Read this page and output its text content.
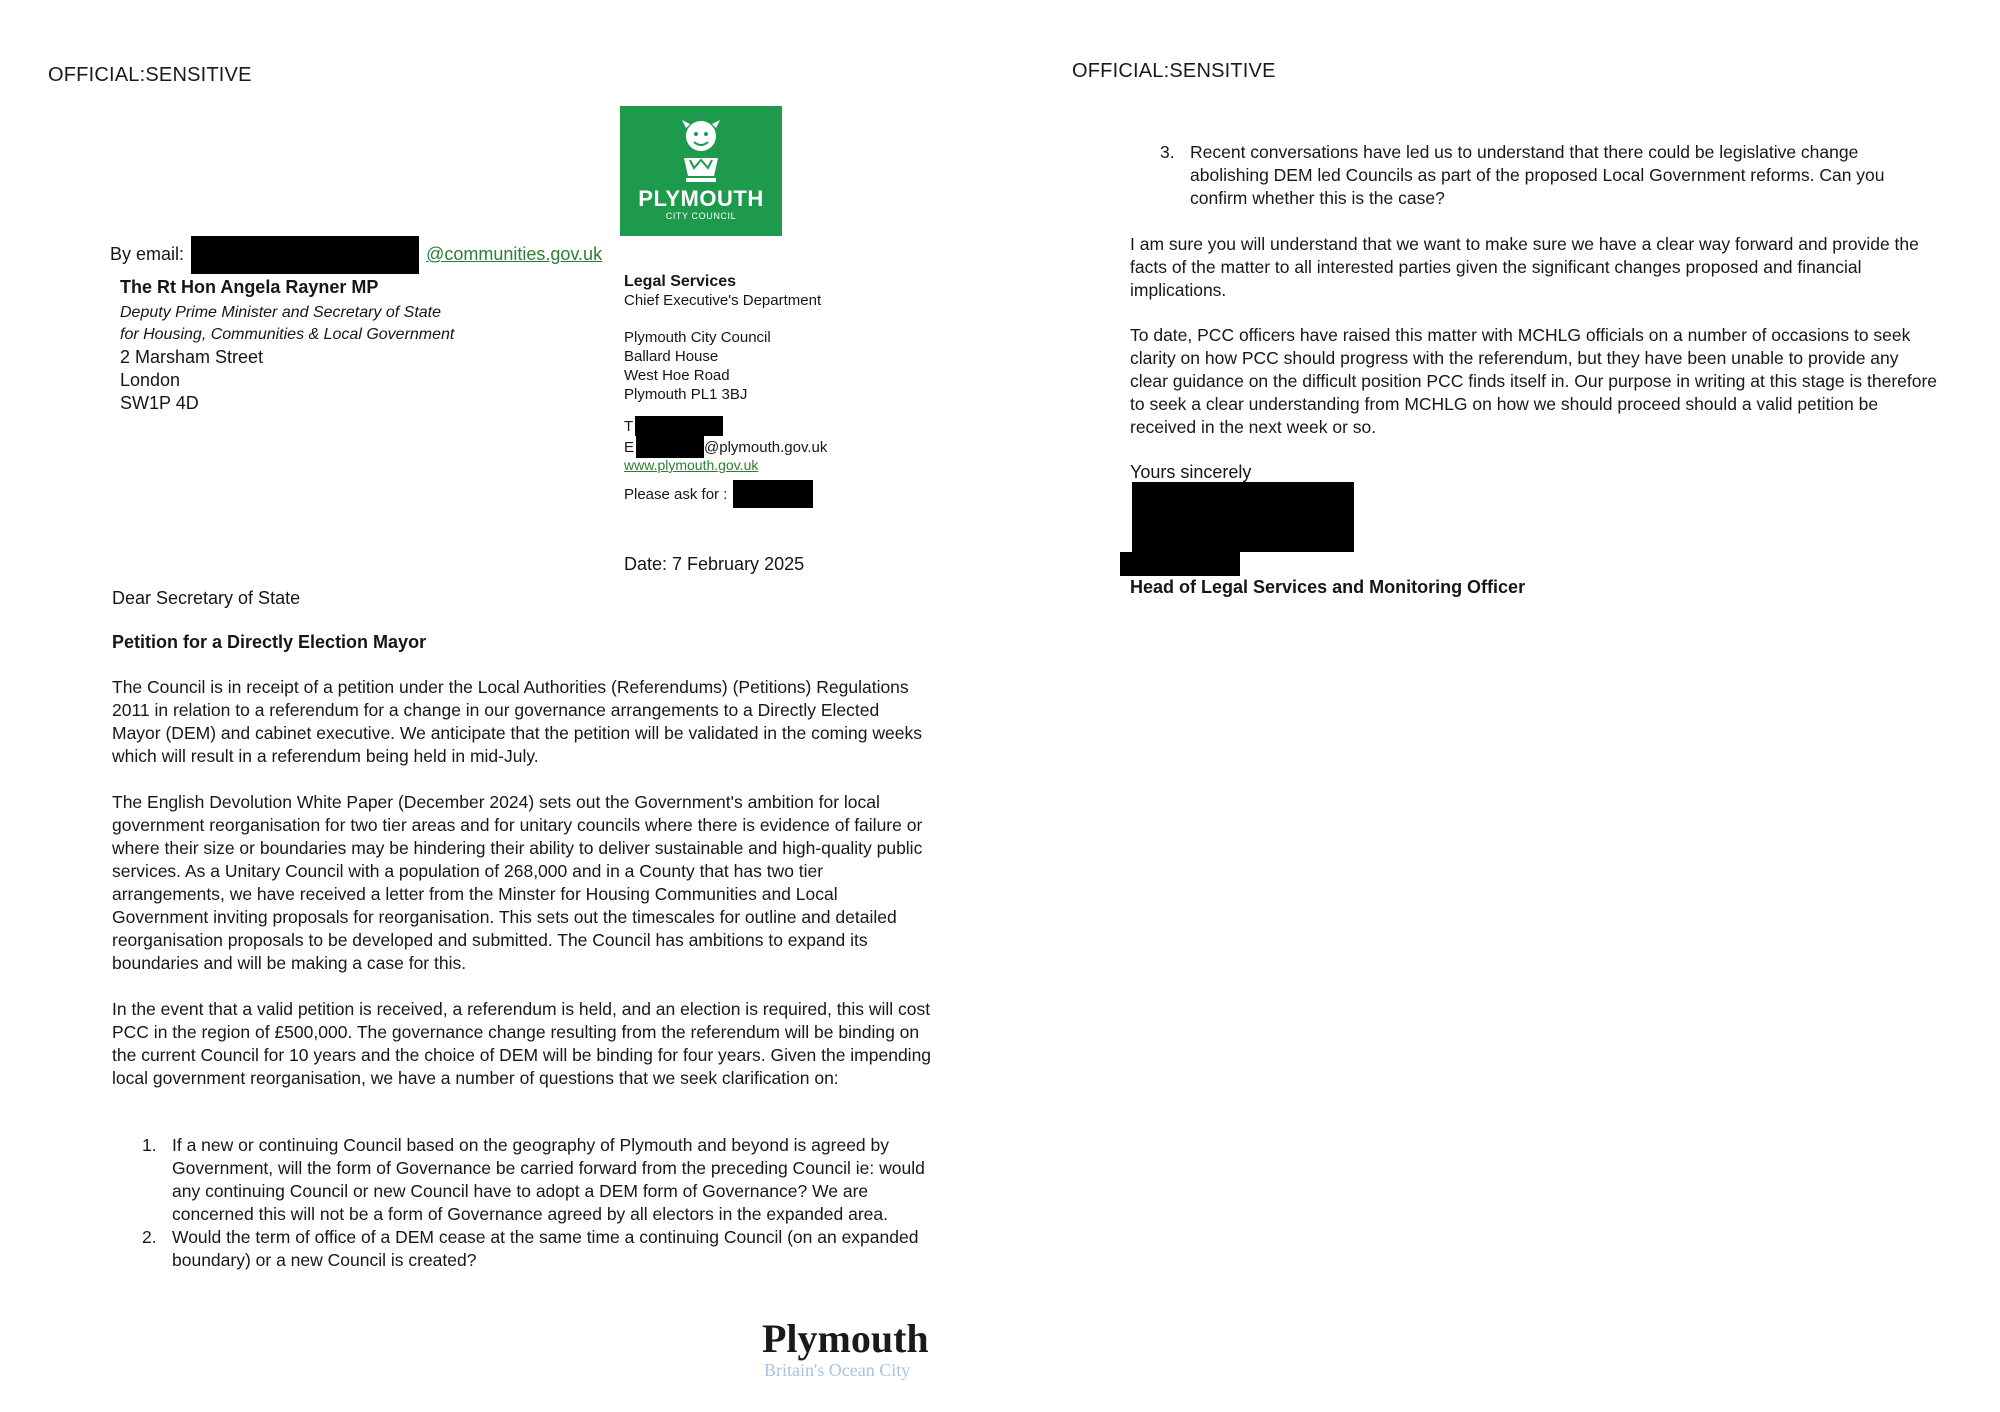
OFFICIAL:SENSITIVE
PLYMOUTH
CITY COUNCIL
By email:	@communities.gov.uk
The Rt Hon Angela Rayner MP
Deputy Prime Minister and Secretary of State
for Housing, Communities & Local Government
2 Marsham Street
London
SW1P 4D
Legal Services
Chief Executive's Department
Plymouth City Council
Ballard House
West Hoe Road
Plymouth PL1 3BJ
T
E	@plymouth.gov.uk
www.plymouth.gov.uk
Please ask for :
Date: 7 February 2025
Dear Secretary of State
Petition for a Directly Election Mayor
The Council is in receipt of a petition under the Local Authorities (Referendums) (Petitions) Regulations 2011 in relation to a referendum for a change in our governance arrangements to a Directly Elected Mayor (DEM) and cabinet executive. We anticipate that the petition will be validated in the coming weeks which will result in a referendum being held in mid-July.
The English Devolution White Paper (December 2024) sets out the Government's ambition for local government reorganisation for two tier areas and for unitary councils where there is evidence of failure or where their size or boundaries may be hindering their ability to deliver sustainable and high-quality public services. As a Unitary Council with a population of 268,000 and in a County that has two tier arrangements, we have received a letter from the Minster for Housing Communities and Local Government inviting proposals for reorganisation. This sets out the timescales for outline and detailed reorganisation proposals to be developed and submitted. The Council has ambitions to expand its boundaries and will be making a case for this.
In the event that a valid petition is received, a referendum is held, and an election is required, this will cost PCC in the region of £500,000. The governance change resulting from the referendum will be binding on the current Council for 10 years and the choice of DEM will be binding for four years. Given the impending local government reorganisation, we have a number of questions that we seek clarification on:
1. If a new or continuing Council based on the geography of Plymouth and beyond is agreed by Government, will the form of Governance be carried forward from the preceding Council ie: would any continuing Council or new Council have to adopt a DEM form of Governance? We are concerned this will not be a form of Governance agreed by all electors in the expanded area.
2. Would the term of office of a DEM cease at the same time a continuing Council (on an expanded boundary) or a new Council is created?
Plymouth
Britain's Ocean City
OFFICIAL:SENSITIVE
3. Recent conversations have led us to understand that there could be legislative change abolishing DEM led Councils as part of the proposed Local Government reforms. Can you confirm whether this is the case?
I am sure you will understand that we want to make sure we have a clear way forward and provide the facts of the matter to all interested parties given the significant changes proposed and financial implications.
To date, PCC officers have raised this matter with MCHLG officials on a number of occasions to seek clarity on how PCC should progress with the referendum, but they have been unable to provide any clear guidance on the difficult position PCC finds itself in. Our purpose in writing at this stage is therefore to seek a clear understanding from MCHLG on how we should proceed should a valid petition be received in the next week or so.
Yours sincerely
Head of Legal Services and Monitoring Officer
